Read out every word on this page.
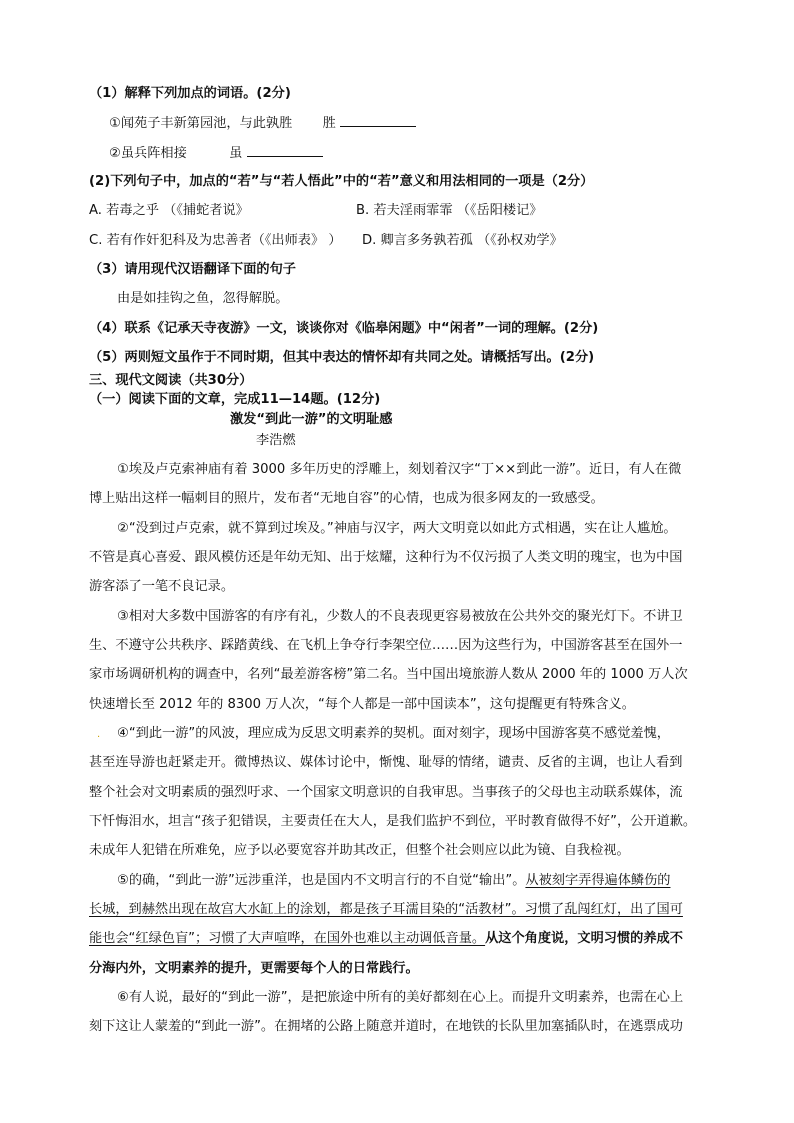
（1）解释下列加点的词语。(2分)
①闻苑子丰新第园池，与此孰胜 胜
②虽兵阵相接	虽
(2)下列句子中，加点的“若”与“若人悟此”中的“若”意义和用法相同的一项是（2分）
A. 若毒之乎 （《捕蛇者说》	B. 若夫淫雨霏霏 （《岳阳楼记》
C. 若有作奸犯科及为忠善者（《出师表》 ） D. 卿言多务孰若孤 （《孙权劝学》
（3）请用现代汉语翻译下面的句子
由是如挂钩之鱼，忽得解脱。
（4）联系《记承天寺夜游》一文，谈谈你对《临皋闲题》中“闲者”一词的理解。(2分)
（5）两则短文虽作于不同时期，但其中表达的情怀却有共同之处。请概括写出。(2分)
三、现代文阅读（共30分）
（一）阅读下面的文章，完成11—14题。(12分)
激发“到此一游”的文明耻感
李浩燃
①埃及卢克索神庙有着 3000 多年历史的浮雕上，刻划着汉字“丁××到此一游”。近日，有人在微
博上贴出这样一幅刺目的照片，发布者“无地自容”的心情，也成为很多网友的一致感受。
②“没到过卢克索，就不算到过埃及。”神庙与汉字，两大文明竟以如此方式相遇，实在让人尴尬。
不管是真心喜爱、跟风模仿还是年幼无知、出于炫耀，这种行为不仅污损了人类文明的瑰宝，也为中国
游客添了一笔不良记录。
③相对大多数中国游客的有序有礼，少数人的不良表现更容易被放在公共外交的聚光灯下。不讲卫
生、不遵守公共秩序、踩踏黄线、在飞机上争夺行李架空位……因为这些行为，中国游客甚至在国外一
家市场调研机构的调查中，名列“最差游客榜”第二名。当中国出境旅游人数从 2000 年的 1000 万人次
快速增长至 2012 年的 8300 万人次，“每个人都是一部中国读本”，这句提醒更有特殊含义。
. ④“到此一游”的风波，理应成为反思文明素养的契机。面对刻字，现场中国游客莫不感觉羞愧，
甚至连导游也赶紧走开。微博热议、媒体讨论中，惭愧、耻辱的情绪，谴责、反省的主调，也让人看到
整个社会对文明素质的强烈吁求、一个国家文明意识的自我审思。当事孩子的父母也主动联系媒体，流
下忏悔泪水，坦言“孩子犯错误，主要责任在大人，是我们监护不到位，平时教育做得不好”，公开道歉。
未成年人犯错在所难免，应予以必要宽容并助其改正，但整个社会则应以此为镜、自我检视。
⑤的确，“到此一游”远涉重洋，也是国内不文明言行的不自觉“输出”。从被刻字弄得遍体鳞伤的
长城，到赫然出现在故宫大水缸上的涂划，都是孩子耳濡目染的“活教材”。习惯了乱闯红灯，出了国可
能也会“红绿色盲”；习惯了大声喧哗，在国外也难以主动调低音量。从这个角度说，文明习惯的养成不
分海内外，文明素养的提升，更需要每个人的日常践行。
⑥有人说，最好的“到此一游”，是把旅途中所有的美好都刻在心上。而提升文明素养，也需在心上
刻下这让人蒙羞的“到此一游”。在拥堵的公路上随意并道时，在地铁的长队里加塞插队时，在逃票成功
